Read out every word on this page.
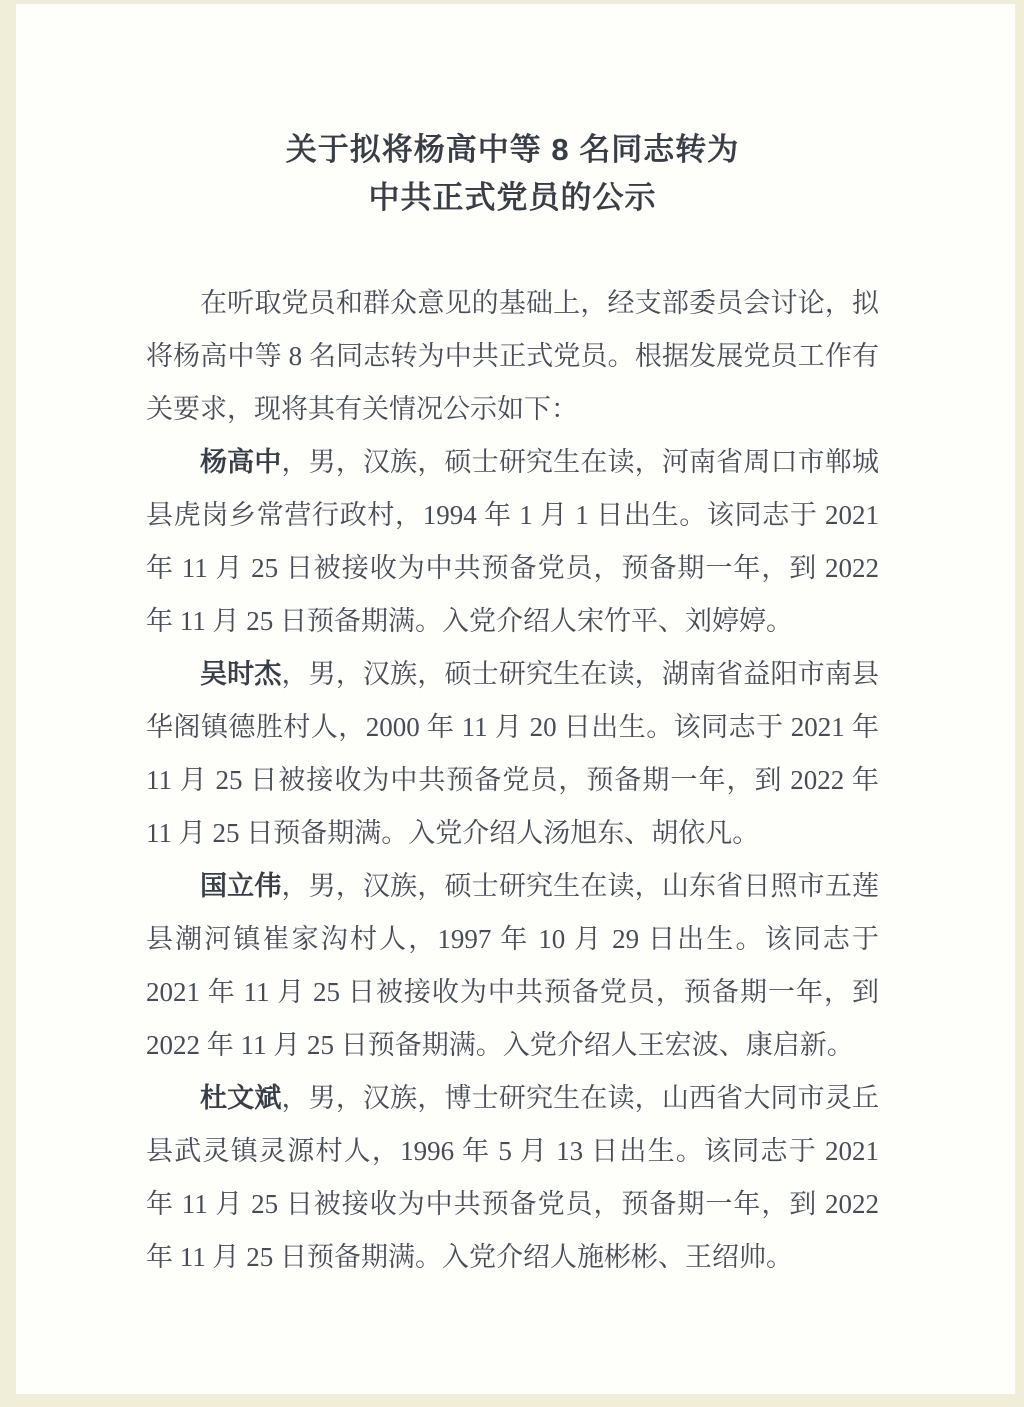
关于拟将杨高中等 8 名同志转为
中共正式党员的公示

在听取党员和群众意见的基础上，经支部委员会讨论，拟将杨高中等 8 名同志转为中共正式党员。根据发展党员工作有关要求，现将其有关情况公示如下：

杨高中，男，汉族，硕士研究生在读，河南省周口市郸城县虎岗乡常营行政村，1994 年 1 月 1 日出生。该同志于 2021 年 11 月 25 日被接收为中共预备党员，预备期一年，到 2022 年 11 月 25 日预备期满。入党介绍人宋竹平、刘婷婷。

吴时杰，男，汉族，硕士研究生在读，湖南省益阳市南县华阁镇德胜村人，2000 年 11 月 20 日出生。该同志于 2021 年 11 月 25 日被接收为中共预备党员，预备期一年，到 2022 年 11 月 25 日预备期满。入党介绍人汤旭东、胡依凡。

国立伟，男，汉族，硕士研究生在读，山东省日照市五莲县潮河镇崔家沟村人，1997 年 10 月 29 日出生。该同志于 2021 年 11 月 25 日被接收为中共预备党员，预备期一年，到 2022 年 11 月 25 日预备期满。入党介绍人王宏波、康启新。

杜文斌，男，汉族，博士研究生在读，山西省大同市灵丘县武灵镇灵源村人，1996 年 5 月 13 日出生。该同志于 2021 年 11 月 25 日被接收为中共预备党员，预备期一年，到 2022 年 11 月 25 日预备期满。入党介绍人施彬彬、王绍帅。
